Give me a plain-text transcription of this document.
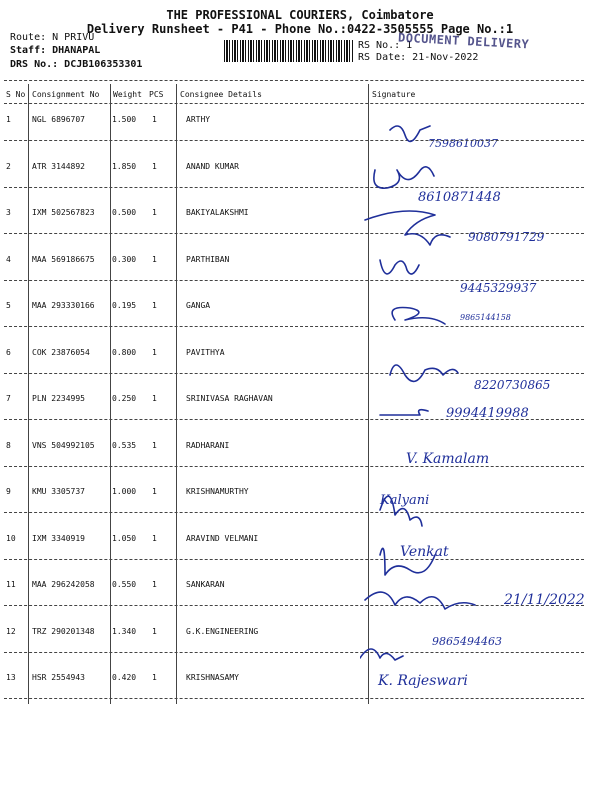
THE PROFESSIONAL COURIERS, Coimbatore
Delivery Runsheet - P41 - Phone No.:0422-3505555 Page No.:1
Route: N PRIVU
Staff: DHANAPAL
DRS No.: DCJB106353301
RS No.: 1
RS Date: 21-Nov-2022
DOCUMENT DELIVERY
S No Consignment No Weight PCS Consignee Details	Signature
1	NGL 6896707	1.500 1	ARTHY
7598610037
2	ATR 3144892	1.850 1	ANAND KUMAR
8610871448
3	IXM 502567823 0.500 1	BAKIYALAKSHMI
9080791729
4	MAA 569186675 0.300 1	PARTHIBAN
9445329937
5	MAA 293330166 0.195 1	GANGA
9865144158
6	COK 23876054	0.800 1	PAVITHYA
8220730865
7	PLN 2234995	0.250 1	SRINIVASA RAGHAVAN
9994419988
8	VNS 504992105 0.535 1	RADHARANI
V. Kamalam
9	KMU 3305737	1.000 1	KRISHNAMURTHY
Kalyani
10 IXM 3340919	1.050 1	ARAVIND VELMANI
Venkat
11 MAA 296242058 0.550 1	SANKARAN
21/11/2022
12 TRZ 290201348 1.340 1	G.K.ENGINEERING
9865494463
13 HSR 2554943	0.420 1	KRISHNASAMY	K. Rajeswari
